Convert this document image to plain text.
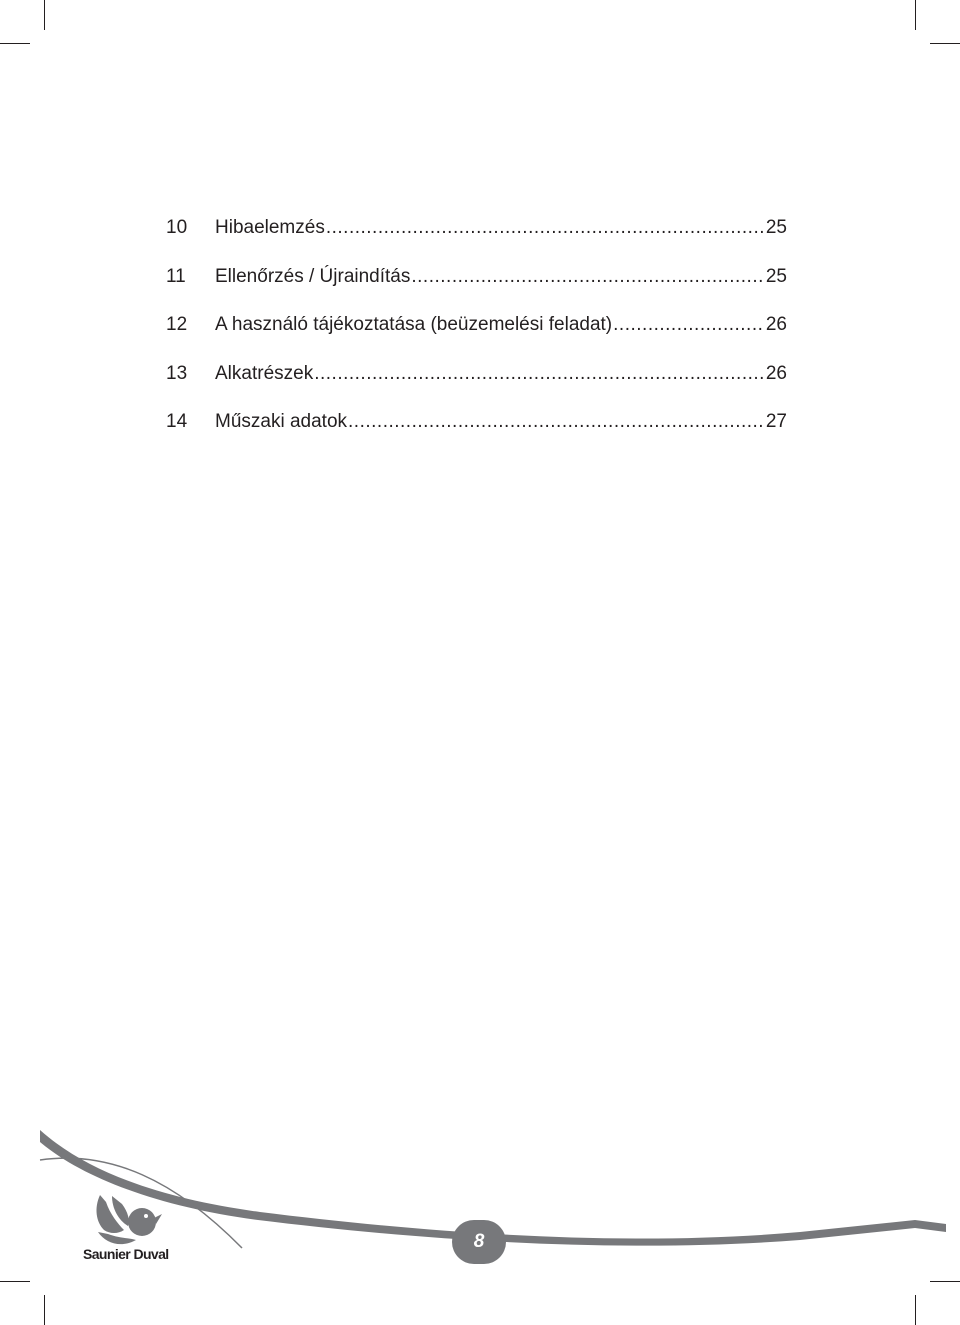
10	Hibaelemzés .....	25
11	Ellenőrzés / Újraindítás .....	25
12	A használó tájékoztatása (beüzemelési feladat) .....	26
13	Alkatrészek .....	26
14	Műszaki adatok .....	27
Saunier Duval
8
